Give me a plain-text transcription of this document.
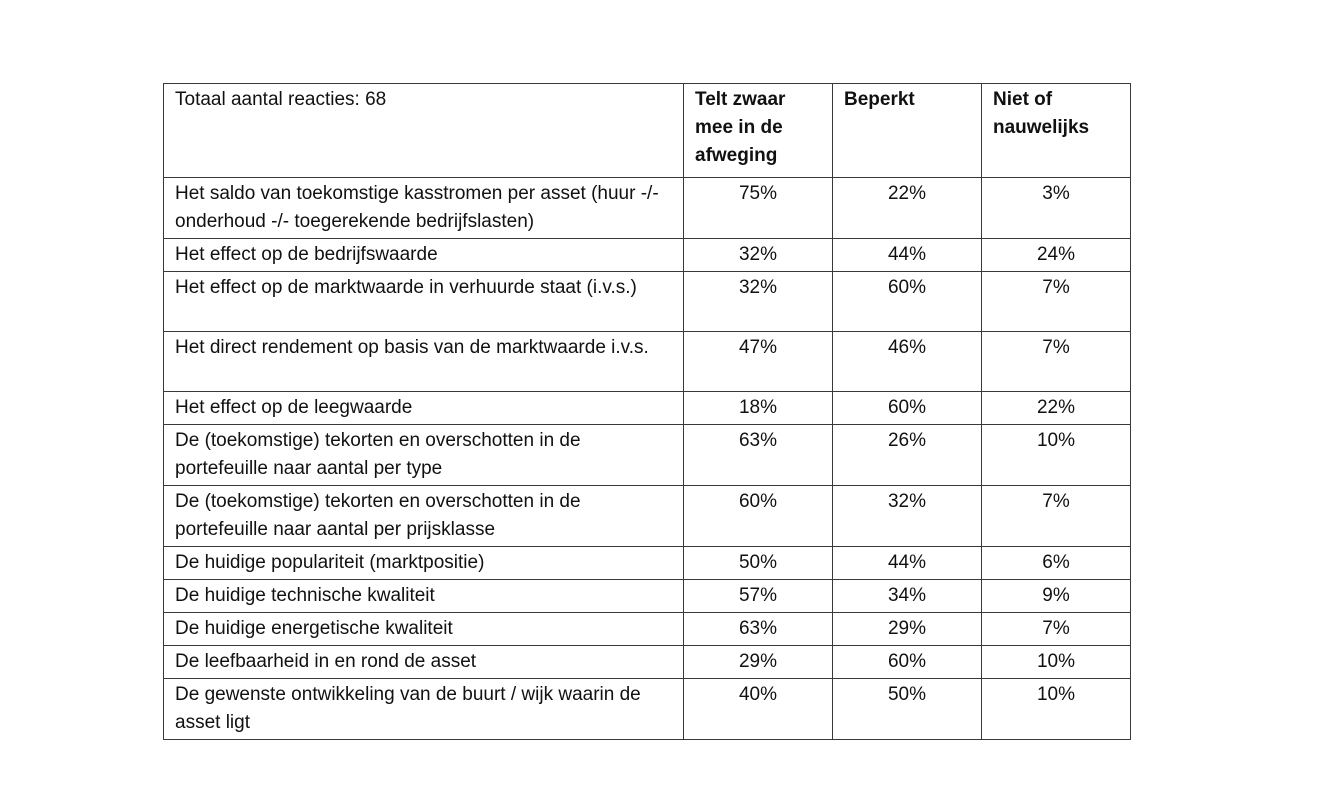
Totaal aantal reacties: 68	Telt zwaar mee in de afweging	Beperkt	Niet of nauwelijks
Het saldo van toekomstige kasstromen per asset (huur -/- onderhoud -/- toegerekende bedrijfslasten)	75%	22%	3%
Het effect op de bedrijfswaarde	32%	44%	24%
Het effect op de marktwaarde in verhuurde staat (i.v.s.)	32%	60%	7%
Het direct rendement op basis van de marktwaarde i.v.s.	47%	46%	7%
Het effect op de leegwaarde	18%	60%	22%
De (toekomstige) tekorten en overschotten in de portefeuille naar aantal per type	63%	26%	10%
De (toekomstige) tekorten en overschotten in de portefeuille naar aantal per prijsklasse	60%	32%	7%
De huidige populariteit (marktpositie)	50%	44%	6%
De huidige technische kwaliteit	57%	34%	9%
De huidige energetische kwaliteit	63%	29%	7%
De leefbaarheid in en rond de asset	29%	60%	10%
De gewenste ontwikkeling van de buurt / wijk waarin de asset ligt	40%	50%	10%
